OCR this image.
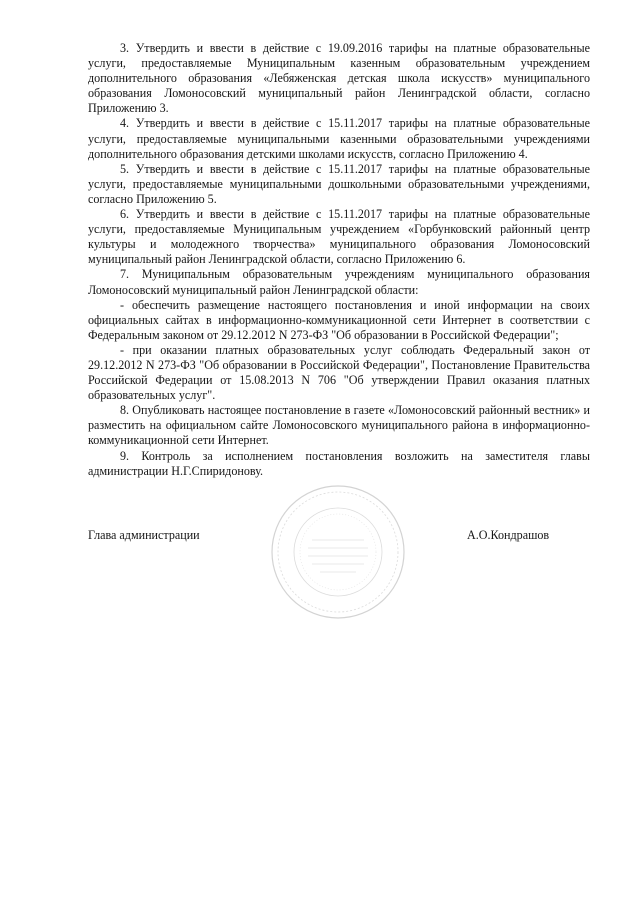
3. Утвердить и ввести в действие с 19.09.2016 тарифы на платные образовательные услуги, предоставляемые Муниципальным казенным образовательным учреждением дополнительного образования «Лебяженская детская школа искусств» муниципального образования Ломоносовский муниципальный район Ленинградской области, согласно Приложению 3.

4. Утвердить и ввести в действие с 15.11.2017 тарифы на платные образовательные услуги, предоставляемые муниципальными казенными образовательными учреждениями дополнительного образования детскими школами искусств, согласно Приложению 4.

5. Утвердить и ввести в действие с 15.11.2017 тарифы на платные образовательные услуги, предоставляемые муниципальными дошкольными образовательными учреждениями, согласно Приложению 5.

6. Утвердить и ввести в действие с 15.11.2017 тарифы на платные образовательные услуги, предоставляемые Муниципальным учреждением «Горбунковский районный центр культуры и молодежного творчества» муниципального образования Ломоносовский муниципальный район Ленинградской области, согласно Приложению 6.

7. Муниципальным образовательным учреждениям муниципального образования Ломоносовский муниципальный район Ленинградской области:

- обеспечить размещение настоящего постановления и иной информации на своих официальных сайтах в информационно-коммуникационной сети Интернет в соответствии с Федеральным законом от 29.12.2012 N 273-ФЗ "Об образовании в Российской Федерации";

- при оказании платных образовательных услуг соблюдать Федеральный закон от 29.12.2012 N 273-ФЗ "Об образовании в Российской Федерации", Постановление Правительства Российской Федерации от 15.08.2013 N 706 "Об утверждении Правил оказания платных образовательных услуг".

8. Опубликовать настоящее постановление в газете «Ломоносовский районный вестник» и разместить на официальном сайте Ломоносовского муниципального района в информационно-коммуникационной сети Интернет.

9. Контроль за исполнением постановления возложить на заместителя главы администрации Н.Г.Спиридонову.

Глава администрации	А.О.Кондрашов
